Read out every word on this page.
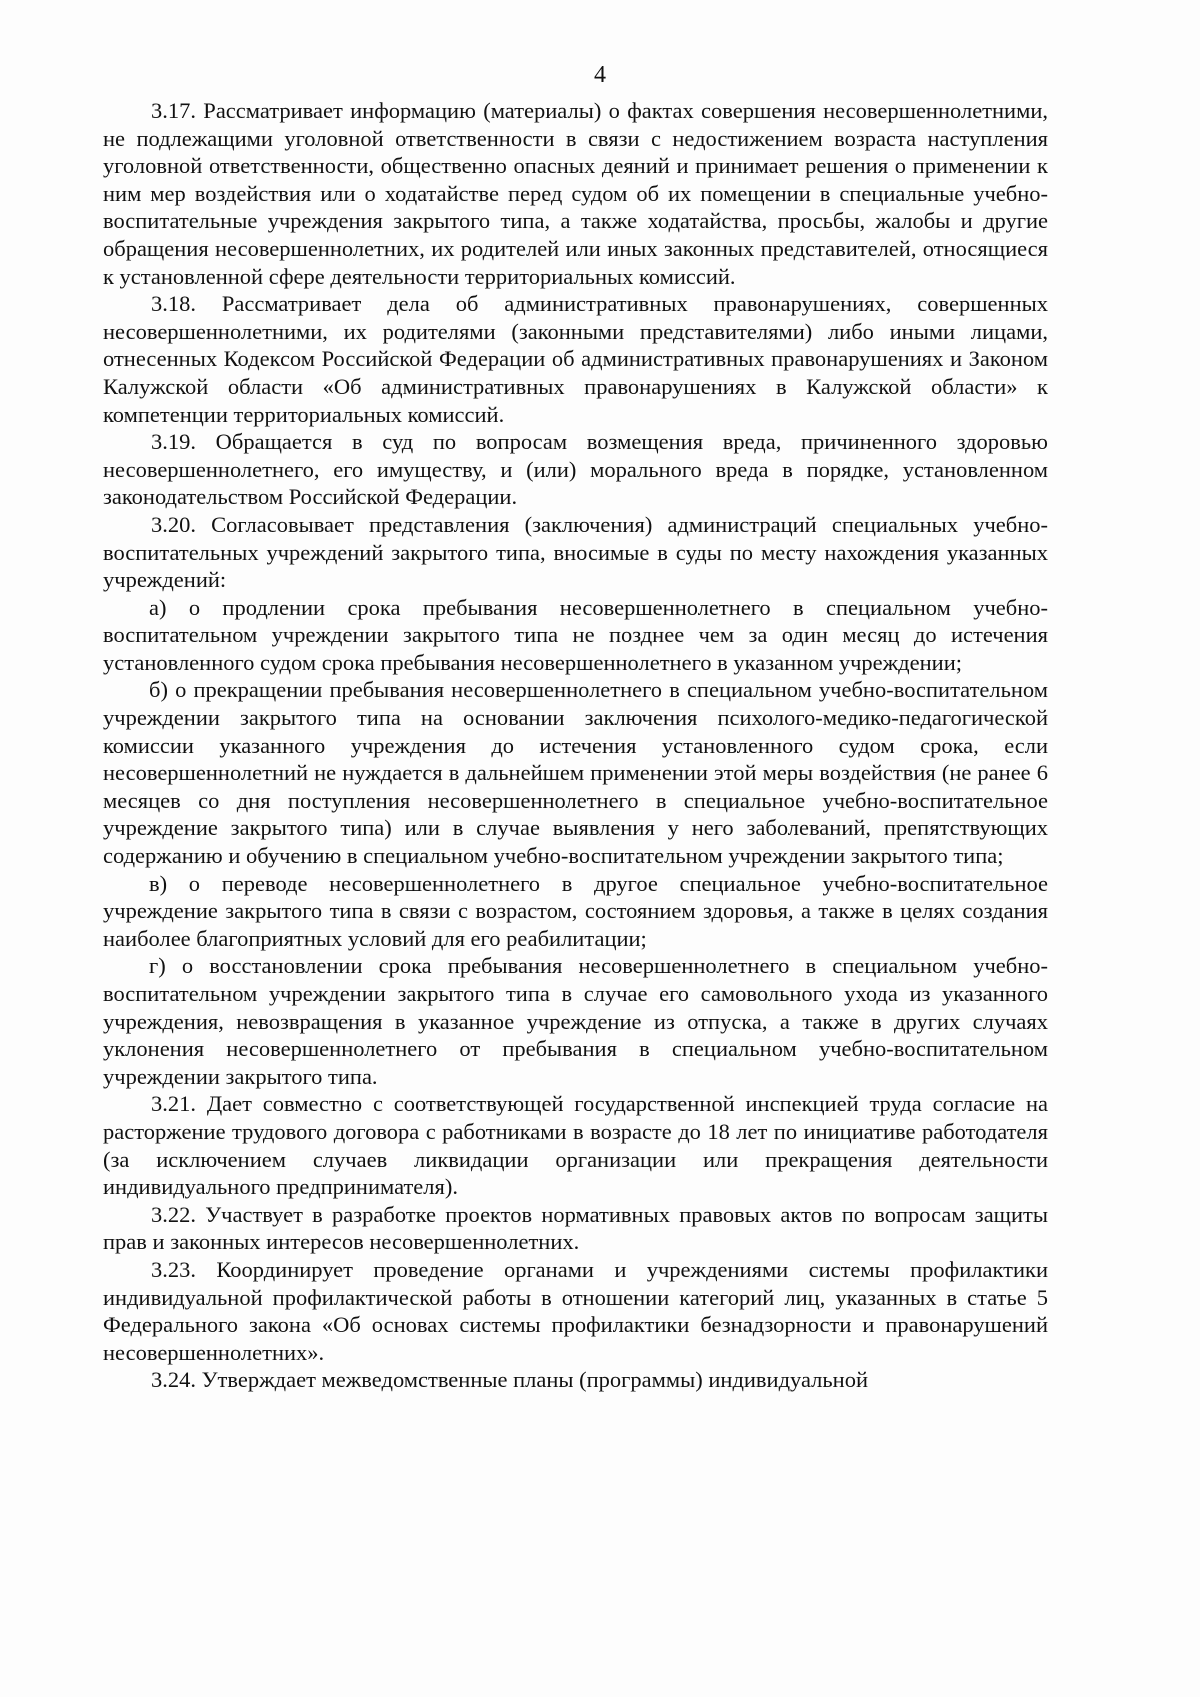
4

3.17. Рассматривает информацию (материалы) о фактах совершения несовершеннолетними, не подлежащими уголовной ответственности в связи с недостижением возраста наступления уголовной ответственности, общественно опасных деяний и принимает решения о применении к ним мер воздействия или о ходатайстве перед судом об их помещении в специальные учебно-воспитательные учреждения закрытого типа, а также ходатайства, просьбы, жалобы и другие обращения несовершеннолетних, их родителей или иных законных представителей, относящиеся к установленной сфере деятельности территориальных комиссий.

3.18. Рассматривает дела об административных правонарушениях, совершенных несовершеннолетними, их родителями (законными представителями) либо иными лицами, отнесенных Кодексом Российской Федерации об административных правонарушениях и Законом Калужской области «Об административных правонарушениях в Калужской области» к компетенции территориальных комиссий.

3.19. Обращается в суд по вопросам возмещения вреда, причиненного здоровью несовершеннолетнего, его имуществу, и (или) морального вреда в порядке, установленном законодательством Российской Федерации.

3.20. Согласовывает представления (заключения) администраций специальных учебно-воспитательных учреждений закрытого типа, вносимые в суды по месту нахождения указанных учреждений:

а) о продлении срока пребывания несовершеннолетнего в специальном учебно-воспитательном учреждении закрытого типа не позднее чем за один месяц до истечения установленного судом срока пребывания несовершеннолетнего в указанном учреждении;

б) о прекращении пребывания несовершеннолетнего в специальном учебно-воспитательном учреждении закрытого типа на основании заключения психолого-медико-педагогической комиссии указанного учреждения до истечения установленного судом срока, если несовершеннолетний не нуждается в дальнейшем применении этой меры воздействия (не ранее 6 месяцев со дня поступления несовершеннолетнего в специальное учебно-воспитательное учреждение закрытого типа) или в случае выявления у него заболеваний, препятствующих содержанию и обучению в специальном учебно-воспитательном учреждении закрытого типа;

в) о переводе несовершеннолетнего в другое специальное учебно-воспитательное учреждение закрытого типа в связи с возрастом, состоянием здоровья, а также в целях создания наиболее благоприятных условий для его реабилитации;

г) о восстановлении срока пребывания несовершеннолетнего в специальном учебно-воспитательном учреждении закрытого типа в случае его самовольного ухода из указанного учреждения, невозвращения в указанное учреждение из отпуска, а также в других случаях уклонения несовершеннолетнего от пребывания в специальном учебно-воспитательном учреждении закрытого типа.

3.21. Дает совместно с соответствующей государственной инспекцией труда согласие на расторжение трудового договора с работниками в возрасте до 18 лет по инициативе работодателя (за исключением случаев ликвидации организации или прекращения деятельности индивидуального предпринимателя).

3.22. Участвует в разработке проектов нормативных правовых актов по вопросам защиты прав и законных интересов несовершеннолетних.

3.23. Координирует проведение органами и учреждениями системы профилактики индивидуальной профилактической работы в отношении категорий лиц, указанных в статье 5 Федерального закона «Об основах системы профилактики безнадзорности и правонарушений несовершеннолетних».

3.24. Утверждает межведомственные планы (программы) индивидуальной
